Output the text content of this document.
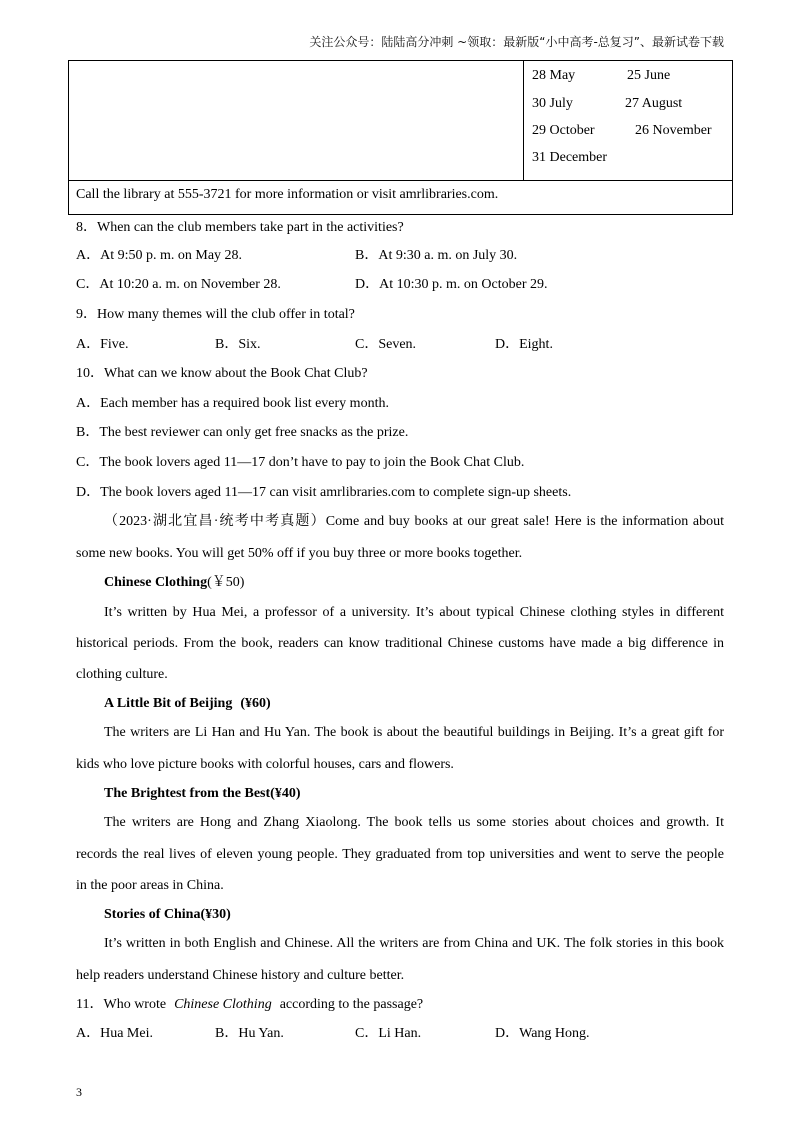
关注公众号：陆陆高分冲刺 ~领取：最新版“小中高考-总复习”、最新试卷下载
28 May	25 June
30 July	27 August
29 October	26 November
31 December
Call the library at 555-3721 for more information or visit amrlibraries.com.
8．When can the club members take part in the activities?
A．At 9:50 p. m. on May 28.	B．At 9:30 a. m. on July 30.
C．At 10:20 a. m. on November 28.	D．At 10:30 p. m. on October 29.
9．How many themes will the club offer in total?
A．Five.	B．Six.	C．Seven.	D．Eight.
10．What can we know about the Book Chat Club?
A．Each member has a required book list every month.
B．The best reviewer can only get free snacks as the prize.
C．The book lovers aged 11—17 don’t have to pay to join the Book Chat Club.
D．The book lovers aged 11—17 can visit amrlibraries.com to complete sign-up sheets.
（2023·湖北宜昌·统考中考真题）Come and buy books at our great sale! Here is the information about
some new books. You will get 50% off if you buy three or more books together.
Chinese Clothing(￥50)
It’s written by Hua Mei, a professor of a university. It’s about typical Chinese clothing styles in different
historical periods. From the book, readers can know traditional Chinese customs have made a big difference in
clothing culture.
A Little Bit of Beijing (¥60)
The writers are Li Han and Hu Yan. The book is about the beautiful buildings in Beijing. It’s a great gift for
kids who love picture books with colorful houses, cars and flowers.
The Brightest from the Best(¥40)
The writers are Hong and Zhang Xiaolong. The book tells us some stories about choices and growth. It
records the real lives of eleven young people. They graduated from top universities and went to serve the people
in the poor areas in China.
Stories of China(¥30)
It’s written in both English and Chinese. All the writers are from China and UK. The folk stories in this book
help readers understand Chinese history and culture better.
11．Who wrote Chinese Clothing according to the passage?
A．Hua Mei.	B．Hu Yan.	C．Li Han.	D．Wang Hong.
3
